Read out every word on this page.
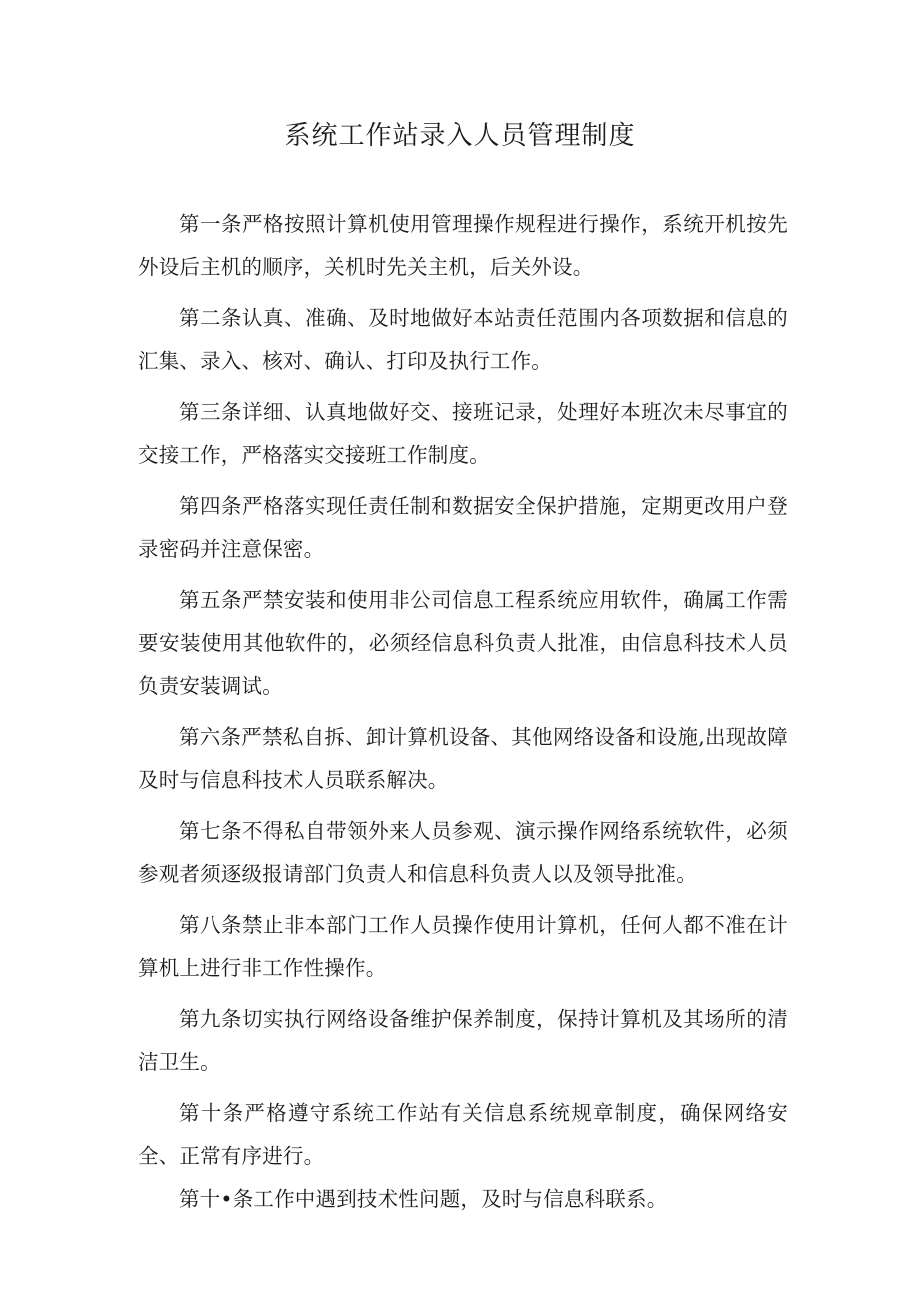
系统工作站录入人员管理制度

第一条严格按照计算机使用管理操作规程进行操作，系统开机按先外设后主机的顺序，关机时先关主机，后关外设。

第二条认真、准确、及时地做好本站责任范围内各项数据和信息的汇集、录入、核对、确认、打印及执行工作。

第三条详细、认真地做好交、接班记录，处理好本班次未尽事宜的交接工作，严格落实交接班工作制度。

第四条严格落实现任责任制和数据安全保护措施，定期更改用户登录密码并注意保密。

第五条严禁安装和使用非公司信息工程系统应用软件，确属工作需要安装使用其他软件的，必须经信息科负责人批准，由信息科技术人员负责安装调试。

第六条严禁私自拆、卸计算机设备、其他网络设备和设施,出现故障及时与信息科技术人员联系解决。

第七条不得私自带领外来人员参观、演示操作网络系统软件，必须参观者须逐级报请部门负责人和信息科负责人以及领导批准。

第八条禁止非本部门工作人员操作使用计算机，任何人都不准在计算机上进行非工作性操作。

第九条切实执行网络设备维护保养制度，保持计算机及其场所的清洁卫生。

第十条严格遵守系统工作站有关信息系统规章制度，确保网络安全、正常有序进行。

第十•条工作中遇到技术性问题，及时与信息科联系。
